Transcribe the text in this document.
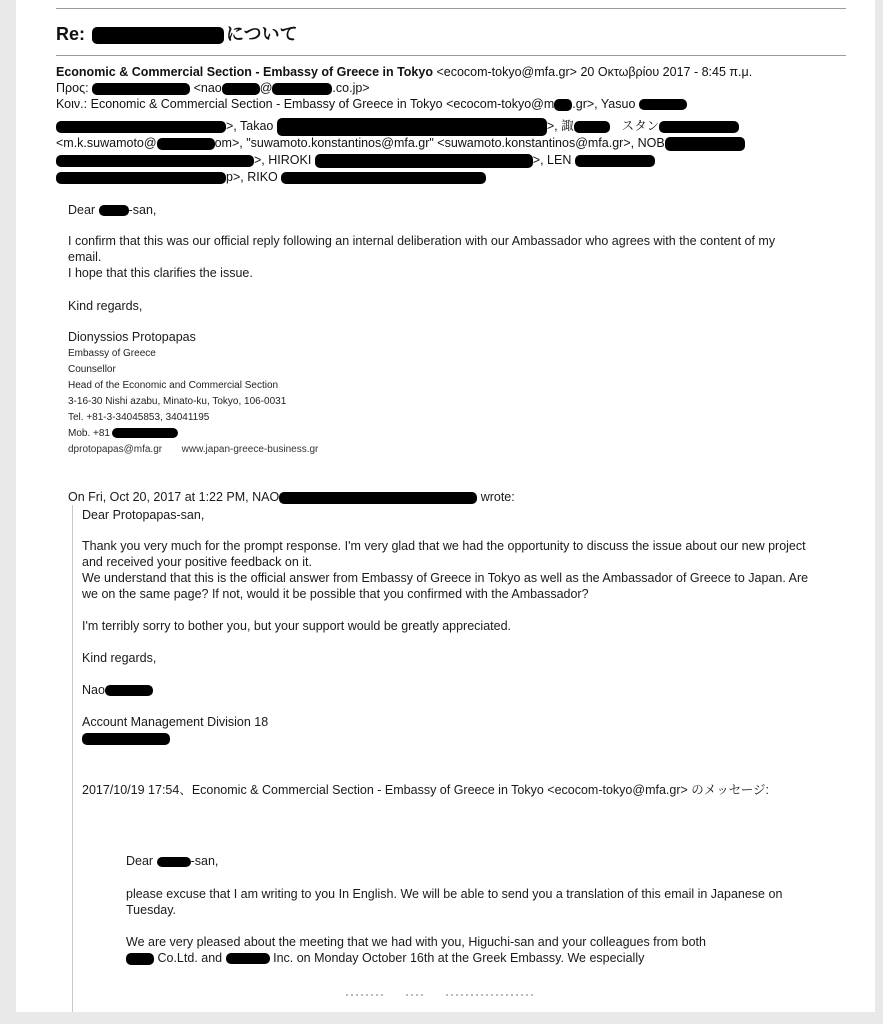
Re:	について
Economic & Commercial Section - Embassy of Greece in Tokyo <ecocom-tokyo@mfa.gr> 20 Οκτωβρίου 2017 - 8:45 π.μ.
Προς:	<nao	@	.co.jp>
Κοιν.: Economic & Commercial Section - Embassy of Greece in Tokyo <ecocom-tokyo@m .gr>, Yasuo
>, Takao	>, 諏	スタン
<m.k.suwamoto@	om>, "suwamoto.konstantinos@mfa.gr" <suwamoto.konstantinos@mfa.gr>, NOB
>, HIROKI	>, LEN
p>, RIKO
Dear	-san,
I confirm that this was our official reply following an internal deliberation with our Ambassador who agrees with the content of my email.
I hope that this clarifies the issue.
Kind regards,
Dionyssios Protopapas
Embassy of Greece
Counsellor
Head of the Economic and Commercial Section
3-16-30 Nishi azabu, Minato-ku, Tokyo, 106-0031
Tel. +81-3-34045853, 34041195
Mob. +81
dprotopapas@mfa.gr www.japan-greece-business.gr
On Fri, Oct 20, 2017 at 1:22 PM, NAO	wrote:
Dear Protopapas-san,
Thank you very much for the prompt response. I'm very glad that we had the opportunity to discuss the issue about our new project and received your positive feedback on it.
We understand that this is the official answer from Embassy of Greece in Tokyo as well as the Ambassador of Greece to Japan. Are we on the same page? If not, would it be possible that you confirmed with the Ambassador?
I'm terribly sorry to bother you, but your support would be greatly appreciated.
Kind regards,
Nao
Account Management Division 18
2017/10/19 17:54、Economic & Commercial Section - Embassy of Greece in Tokyo <ecocom-tokyo@mfa.gr> のメッセージ:
Dear	-san,
please excuse that I am writing to you In English. We will be able to send you a translation of this email in Japanese on Tuesday.
We are very pleased about the meeting that we had with you, Higuchi-san and your colleagues from both
Co.Ltd. and	Inc. on Monday October 16th at the Greek Embassy. We especially
